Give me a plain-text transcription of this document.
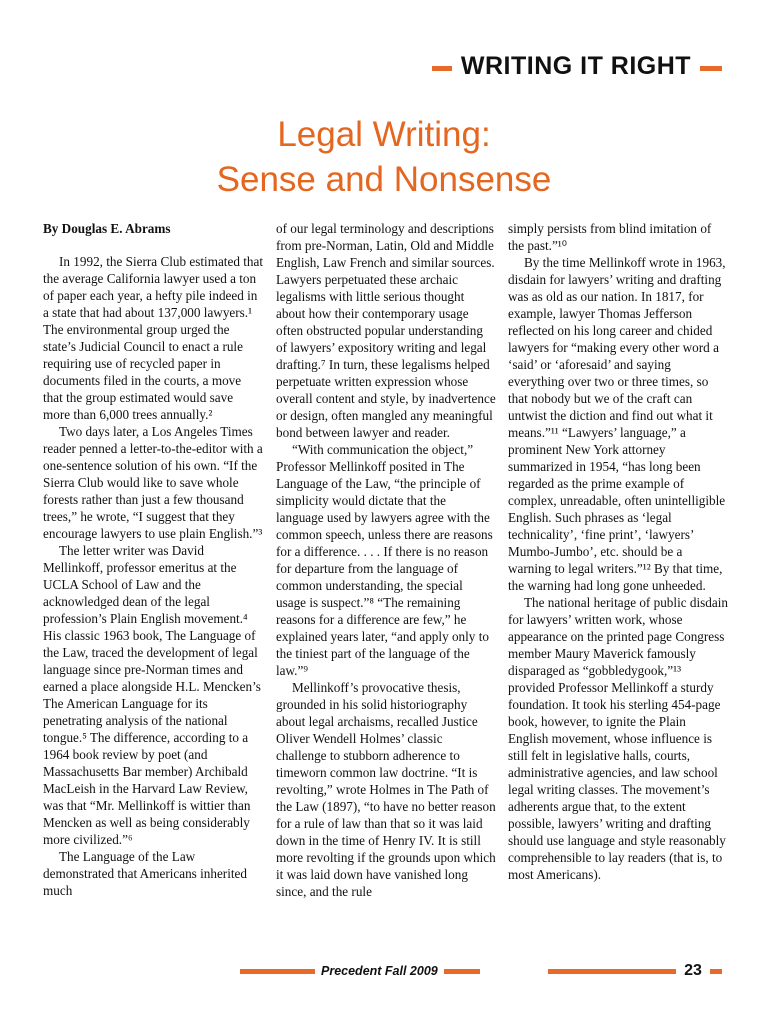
WRITING IT RIGHT
Legal Writing:
Sense and Nonsense

By Douglas E. Abrams

In 1992, the Sierra Club estimated that the average California lawyer used a ton of paper each year, a hefty pile indeed in a state that had about 137,000 lawyers.¹ The environmental group urged the state’s Judicial Council to enact a rule requiring use of recycled paper in documents filed in the courts, a move that the group estimated would save more than 6,000 trees annually.²

Two days later, a Los Angeles Times reader penned a letter-to-the-editor with a one-sentence solution of his own. “If the Sierra Club would like to save whole forests rather than just a few thousand trees,” he wrote, “I suggest that they encourage lawyers to use plain English.”³

The letter writer was David Mellinkoff, professor emeritus at the UCLA School of Law and the acknowledged dean of the legal profession’s Plain English movement.⁴ His classic 1963 book, The Language of the Law, traced the development of legal language since pre-Norman times and earned a place alongside H.L. Mencken’s The American Language for its penetrating analysis of the national tongue.⁵ The difference, according to a 1964 book review by poet (and Massachusetts Bar member) Archibald MacLeish in the Harvard Law Review, was that “Mr. Mellinkoff is wittier than Mencken as well as being considerably more civilized.”⁶

The Language of the Law demonstrated that Americans inherited much

of our legal terminology and descriptions from pre-Norman, Latin, Old and Middle English, Law French and similar sources. Lawyers perpetuated these archaic legalisms with little serious thought about how their contemporary usage often obstructed popular understanding of lawyers’ expository writing and legal drafting.⁷ In turn, these legalisms helped perpetuate written expression whose overall content and style, by inadvertence or design, often mangled any meaningful bond between lawyer and reader.

“With communication the object,” Professor Mellinkoff posited in The Language of the Law, “the principle of simplicity would dictate that the language used by lawyers agree with the common speech, unless there are reasons for a difference. . . . If there is no reason for departure from the language of common understanding, the special usage is suspect.”⁸ “The remaining reasons for a difference are few,” he explained years later, “and apply only to the tiniest part of the language of the law.”⁹

Mellinkoff’s provocative thesis, grounded in his solid historiography about legal archaisms, recalled Justice Oliver Wendell Holmes’ classic challenge to stubborn adherence to timeworn common law doctrine. “It is revolting,” wrote Holmes in The Path of the Law (1897), “to have no better reason for a rule of law than that so it was laid down in the time of Henry IV. It is still more revolting if the grounds upon which it was laid down have vanished long since, and the rule

simply persists from blind imitation of the past.”¹⁰

By the time Mellinkoff wrote in 1963, disdain for lawyers’ writing and drafting was as old as our nation. In 1817, for example, lawyer Thomas Jefferson reflected on his long career and chided lawyers for “making every other word a ‘said’ or ‘aforesaid’ and saying everything over two or three times, so that nobody but we of the craft can untwist the diction and find out what it means.”¹¹ “Lawyers’ language,” a prominent New York attorney summarized in 1954, “has long been regarded as the prime example of complex, unreadable, often unintelligible English. Such phrases as ‘legal technicality’, ‘fine print’, ‘lawyers’ Mumbo-Jumbo’, etc. should be a warning to legal writers.”¹² By that time, the warning had long gone unheeded.

The national heritage of public disdain for lawyers’ written work, whose appearance on the printed page Congress member Maury Maverick famously disparaged as “gobbledygook,”¹³ provided Professor Mellinkoff a sturdy foundation. It took his sterling 454-page book, however, to ignite the Plain English movement, whose influence is still felt in legislative halls, courts, administrative agencies, and law school legal writing classes. The movement’s adherents argue that, to the extent possible, lawyers’ writing and drafting should use language and style reasonably comprehensible to lay readers (that is, to most Americans).

Precedent Fall 2009	23
